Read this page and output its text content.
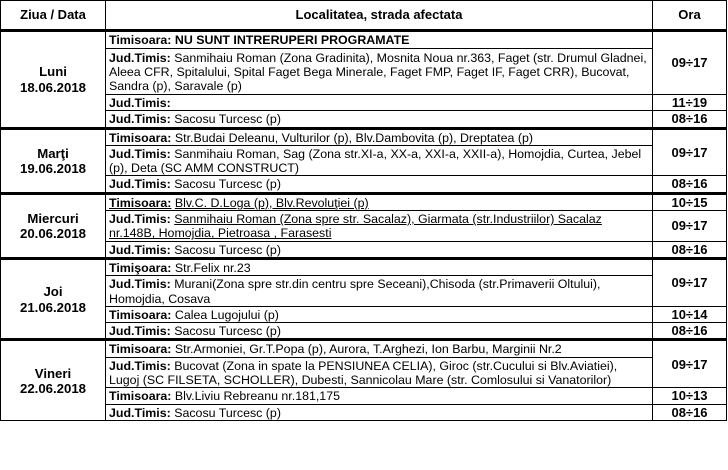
Ziua / Data	Localitatea, strada afectata	Ora
Luni
18.06.2018	Timisoara: NU SUNT INTRERUPERI PROGRAMATE	09÷17
	Jud.Timis: Sanmihaiu Roman (Zona Gradinita), Mosnita Noua nr.363, Faget (str. Drumul Gladnei, Aleea CFR, Spitalului, Spital Faget Bega Minerale, Faget FMP, Faget IF, Faget CRR), Bucovat, Sandra (p), Saravale (p)	
	Jud.Timis:	11÷19
	Jud.Timis: Sacosu Turcesc (p)	08÷16
Marţi
19.06.2018	Timisoara: Str.Budai Deleanu, Vulturilor (p), Blv.Dambovita (p), Dreptatea (p)	09÷17
	Jud.Timis: Sanmihaiu Roman, Sag (Zona str.XI-a, XX-a, XXI-a, XXII-a), Homojdia, Curtea, Jebel (p), Deta (SC AMM CONSTRUCT)	
	Jud.Timis: Sacosu Turcesc (p)	08÷16
Miercuri
20.06.2018	Timisoara: Blv.C. D.Loga (p), Blv.Revoluţiei (p)	10÷15
	Jud.Timis: Sanmihaiu Roman (Zona spre str. Sacalaz), Giarmata (str.Industriilor) Sacalaz nr.148B, Homojdia, Pietroasa , Farasesti	09÷17
	Jud.Timis: Sacosu Turcesc (p)	08÷16
Joi
21.06.2018	Timişoara: Str.Felix nr.23	09÷17
	Jud.Timis: Murani(Zona spre str.din centru spre Seceani),Chisoda (str.Primaverii Oltului), Homojdia, Cosava	
	Timisoara: Calea Lugojului (p)	10÷14
	Jud.Timis: Sacosu Turcesc (p)	08÷16
Vineri
22.06.2018	Timisoara: Str.Armoniei, Gr.T.Popa (p), Aurora, T.Arghezi, Ion Barbu, Marginii Nr.2	09÷17
	Jud.Timis: Bucovat (Zona in spate la PENSIUNEA CELIA), Giroc (str.Cucului si Blv.Aviatiei), Lugoj (SC FILSETA, SCHOLLER), Dubesti, Sannicolau Mare (str. Comlosului si Vanatorilor)	
	Timisoara: Blv.Liviu Rebreanu nr.181,175	10÷13
	Jud.Timis: Sacosu Turcesc (p)	08÷16
